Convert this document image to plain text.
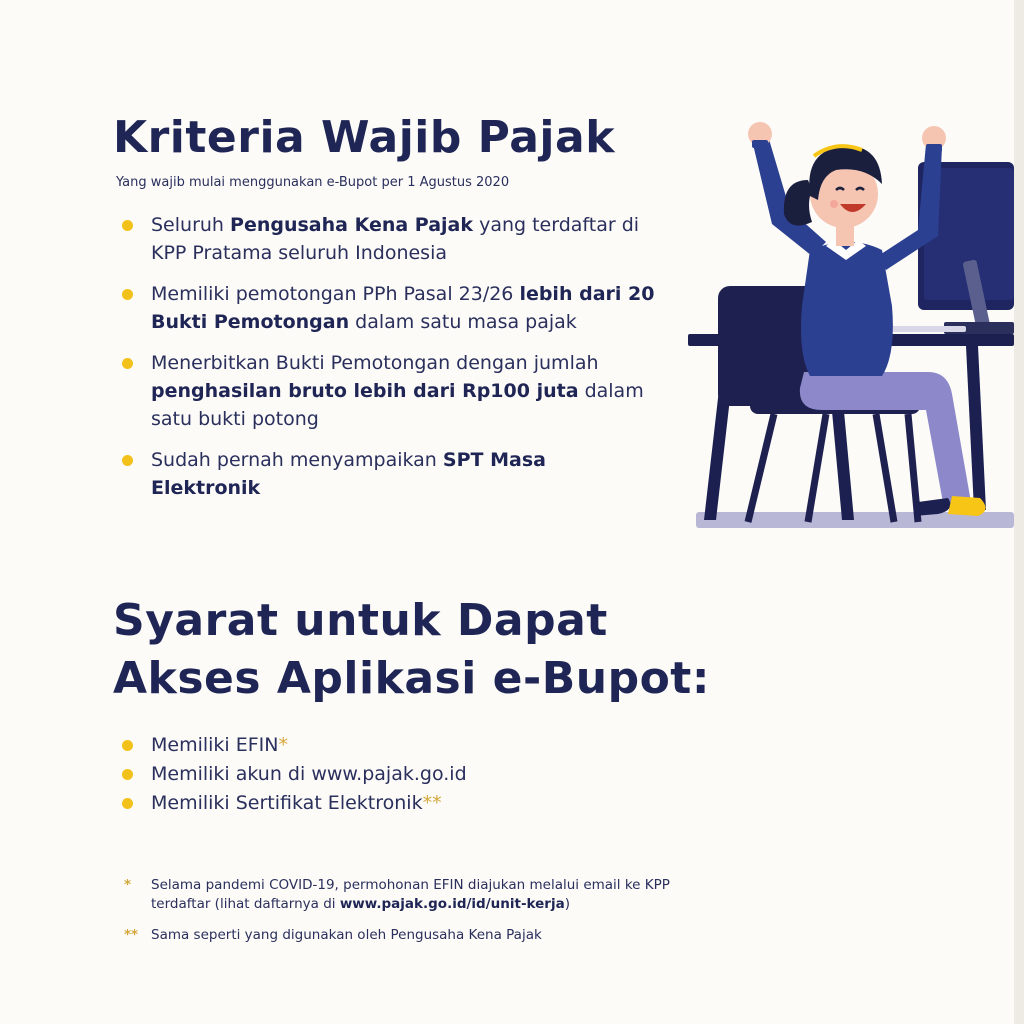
Kriteria Wajib Pajak

Yang wajib mulai menggunakan e-Bupot per 1 Agustus 2020

Seluruh Pengusaha Kena Pajak yang terdaftar di KPP Pratama seluruh Indonesia
Memiliki pemotongan PPh Pasal 23/26 lebih dari 20 Bukti Pemotongan dalam satu masa pajak
Menerbitkan Bukti Pemotongan dengan jumlah penghasilan bruto lebih dari Rp100 juta dalam satu bukti potong
Sudah pernah menyampaikan SPT Masa Elektronik
Syarat untuk Dapat Akses Aplikasi e-Bupot:
Memiliki EFIN*
Memiliki akun di www.pajak.go.id
Memiliki Sertifikat Elektronik**
* Selama pandemi COVID-19, permohonan EFIN diajukan melalui email ke KPP terdaftar (lihat daftarnya di www.pajak.go.id/id/unit-kerja)
** Sama seperti yang digunakan oleh Pengusaha Kena Pajak
